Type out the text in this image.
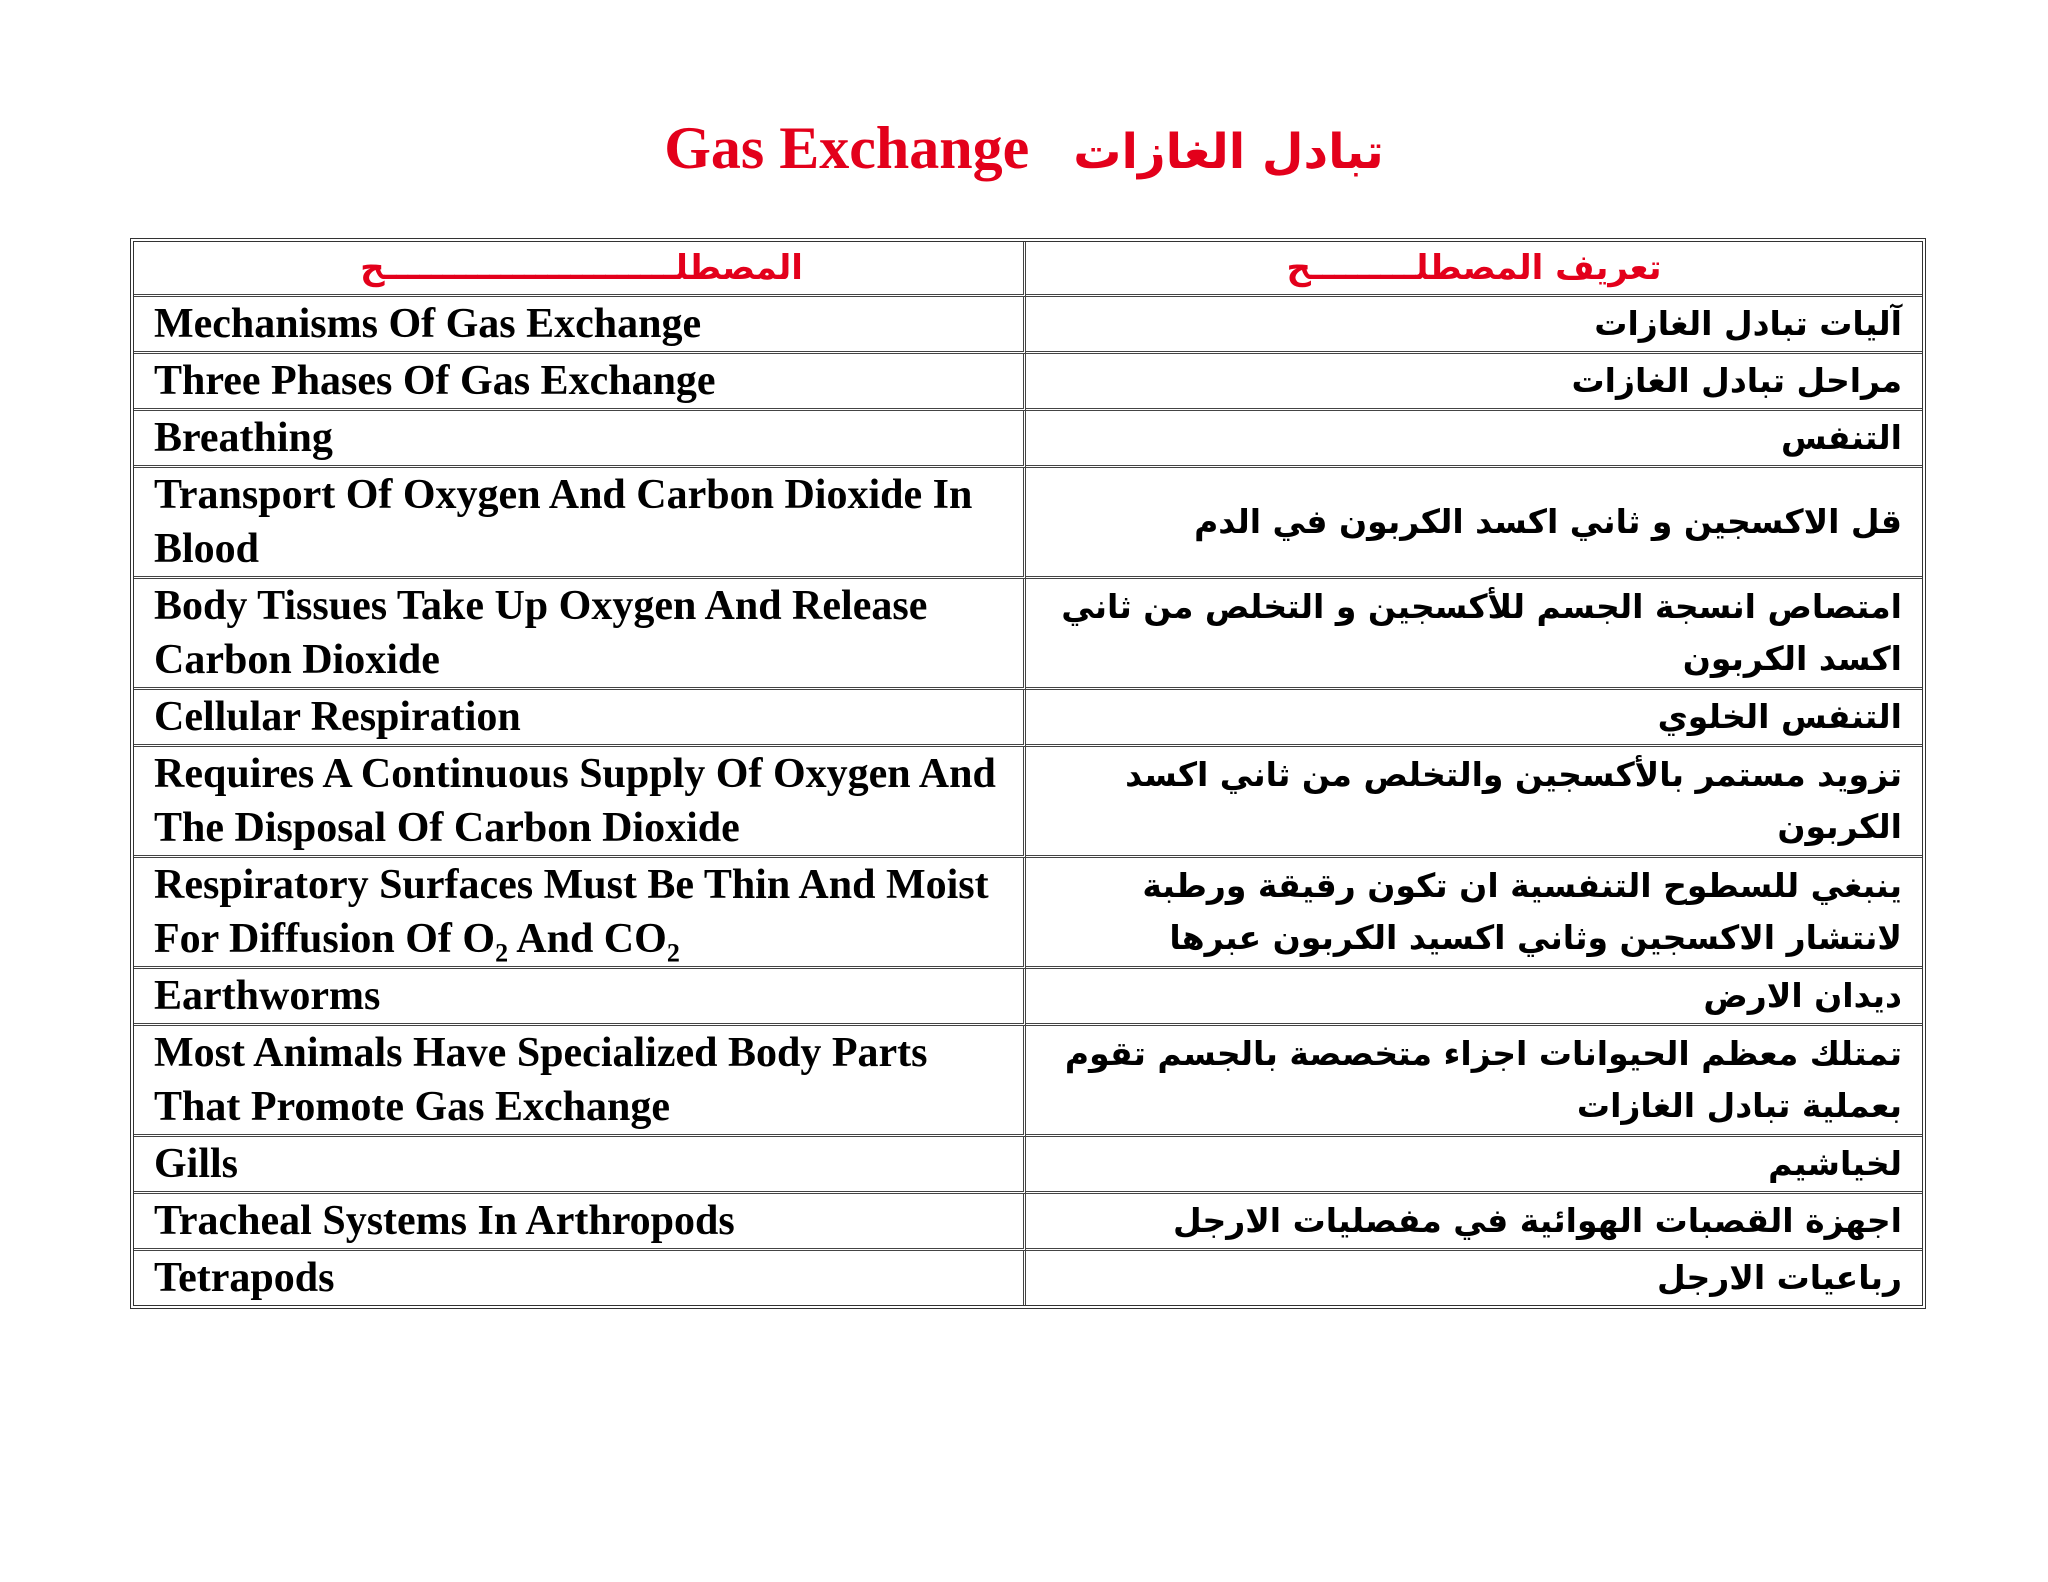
Gas Exchange تبادل الغازات
المصطلـــــــــــــــــــــــــح	تعريف المصطلـــــــــح
Mechanisms Of Gas Exchange	آليات تبادل الغازات
Three Phases Of Gas Exchange	مراحل تبادل الغازات
Breathing	التنفس
Transport Of Oxygen And Carbon Dioxide In Blood	قل الاكسجين و ثاني اكسد الكربون في الدم
Body Tissues Take Up Oxygen And Release Carbon Dioxide	امتصاص انسجة الجسم للأكسجين و التخلص من ثاني اكسد الكربون
Cellular Respiration	التنفس الخلوي
Requires A Continuous Supply Of Oxygen And The Disposal Of Carbon Dioxide	تزويد مستمر بالأكسجين والتخلص من ثاني اكسد الكربون
Respiratory Surfaces Must Be Thin And Moist For Diffusion Of $O_2$ And $CO_2$	ينبغي للسطوح التنفسية ان تكون رقيقة ورطبة لانتشار الاكسجين وثاني اكسيد الكربون عبرها
Earthworms	ديدان الارض
Most Animals Have Specialized Body Parts That Promote Gas Exchange	تمتلك معظم الحيوانات اجزاء متخصصة بالجسم تقوم بعملية تبادل الغازات
Gills	لخياشيم
Tracheal Systems In Arthropods	اجهزة القصبات الهوائية في مفصليات الارجل
Tetrapods	رباعيات الارجل
